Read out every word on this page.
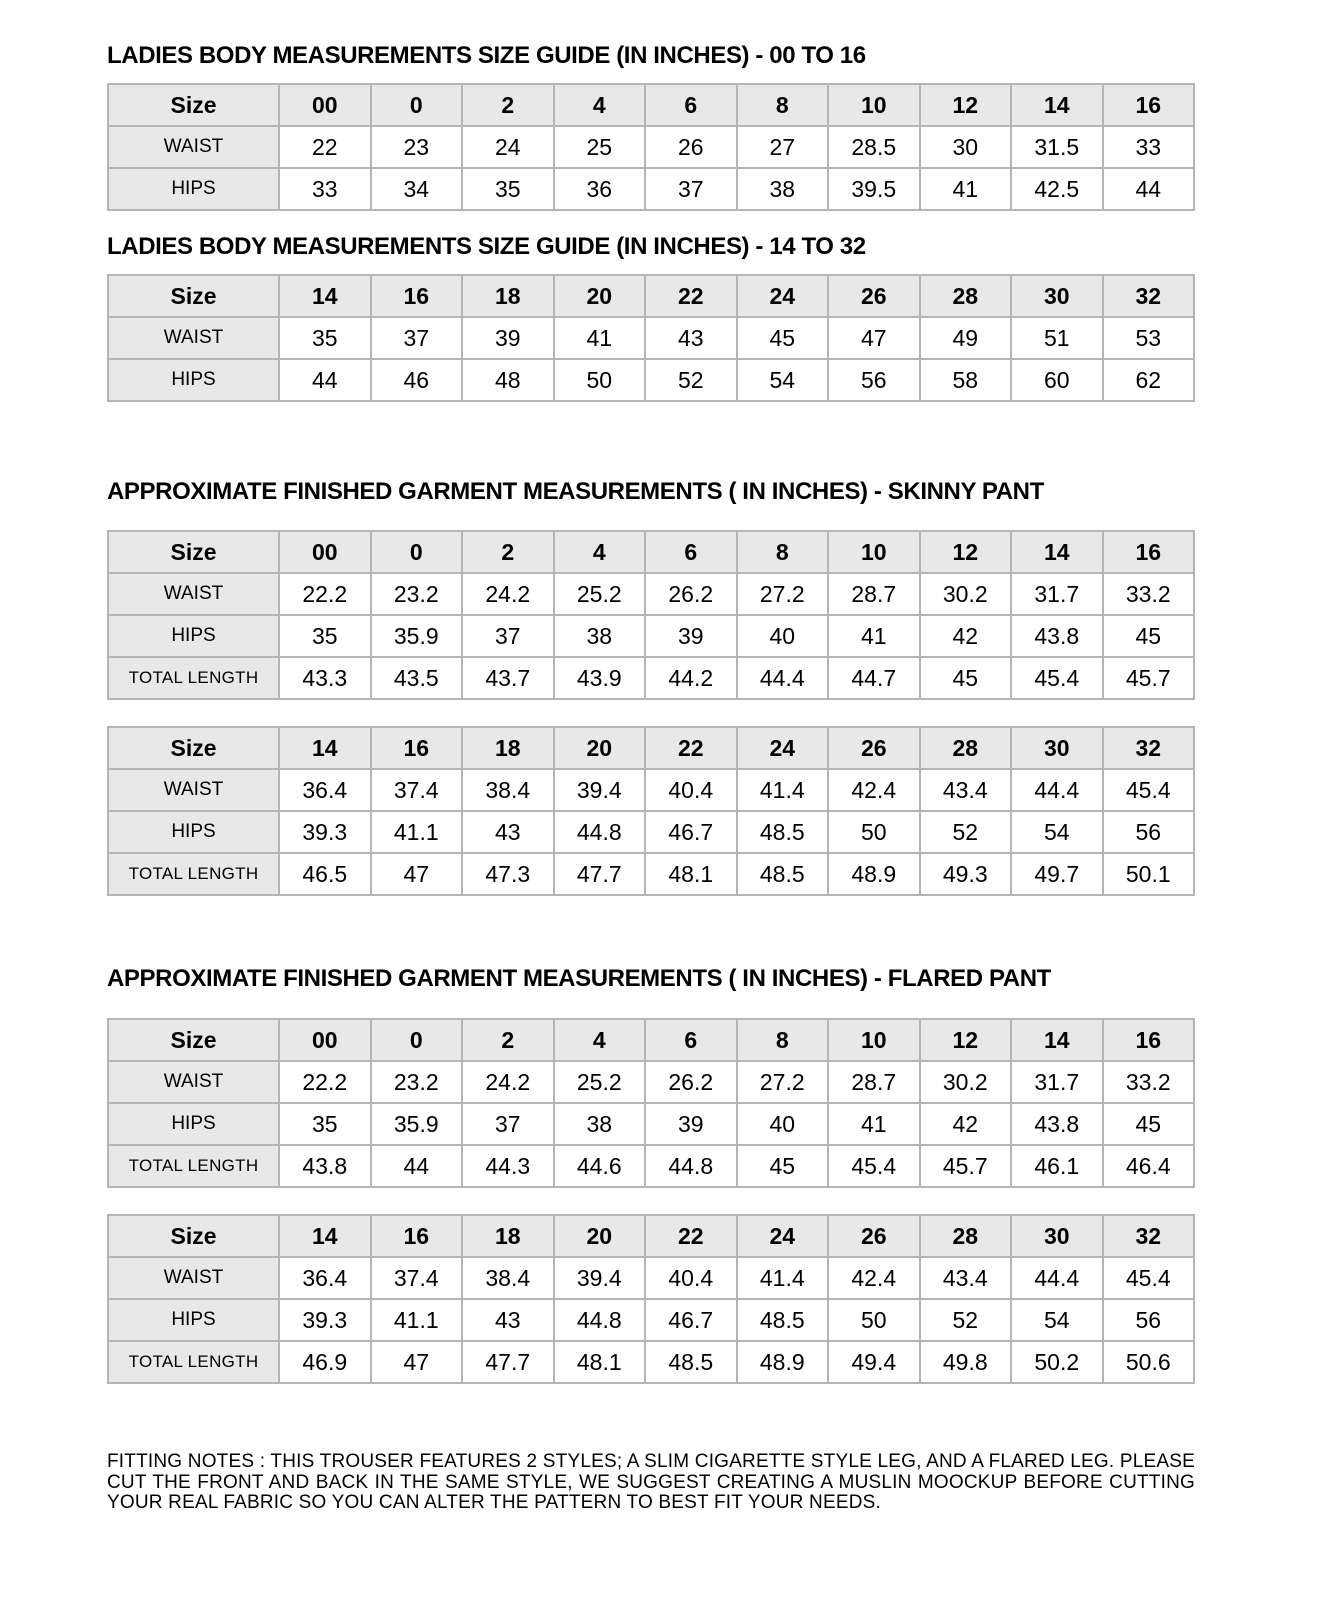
LADIES BODY MEASUREMENTS SIZE GUIDE (IN INCHES) - 00 TO 16
Size	00	0	2	4	6	8	10	12	14	16
WAIST	22	23	24	25	26	27	28.5	30	31.5	33
HIPS	33	34	35	36	37	38	39.5	41	42.5	44
LADIES BODY MEASUREMENTS SIZE GUIDE (IN INCHES) - 14 TO 32
Size	14	16	18	20	22	24	26	28	30	32
WAIST	35	37	39	41	43	45	47	49	51	53
HIPS	44	46	48	50	52	54	56	58	60	62
APPROXIMATE FINISHED GARMENT MEASUREMENTS ( IN INCHES) - SKINNY PANT
Size	00	0	2	4	6	8	10	12	14	16
WAIST	22.2	23.2	24.2	25.2	26.2	27.2	28.7	30.2	31.7	33.2
HIPS	35	35.9	37	38	39	40	41	42	43.8	45
TOTAL LENGTH	43.3	43.5	43.7	43.9	44.2	44.4	44.7	45	45.4	45.7
Size	14	16	18	20	22	24	26	28	30	32
WAIST	36.4	37.4	38.4	39.4	40.4	41.4	42.4	43.4	44.4	45.4
HIPS	39.3	41.1	43	44.8	46.7	48.5	50	52	54	56
TOTAL LENGTH	46.5	47	47.3	47.7	48.1	48.5	48.9	49.3	49.7	50.1
APPROXIMATE FINISHED GARMENT MEASUREMENTS ( IN INCHES) - FLARED PANT
Size	00	0	2	4	6	8	10	12	14	16
WAIST	22.2	23.2	24.2	25.2	26.2	27.2	28.7	30.2	31.7	33.2
HIPS	35	35.9	37	38	39	40	41	42	43.8	45
TOTAL LENGTH	43.8	44	44.3	44.6	44.8	45	45.4	45.7	46.1	46.4
Size	14	16	18	20	22	24	26	28	30	32
WAIST	36.4	37.4	38.4	39.4	40.4	41.4	42.4	43.4	44.4	45.4
HIPS	39.3	41.1	43	44.8	46.7	48.5	50	52	54	56
TOTAL LENGTH	46.9	47	47.7	48.1	48.5	48.9	49.4	49.8	50.2	50.6
FITTING NOTES : THIS TROUSER FEATURES 2 STYLES; A SLIM CIGARETTE STYLE LEG, AND A FLARED LEG. PLEASE CUT THE FRONT AND BACK IN THE SAME STYLE, WE SUGGEST CREATING A MUSLIN MOOCKUP BEFORE CUTTING YOUR REAL FABRIC SO YOU CAN ALTER THE PATTERN TO BEST FIT YOUR NEEDS.
